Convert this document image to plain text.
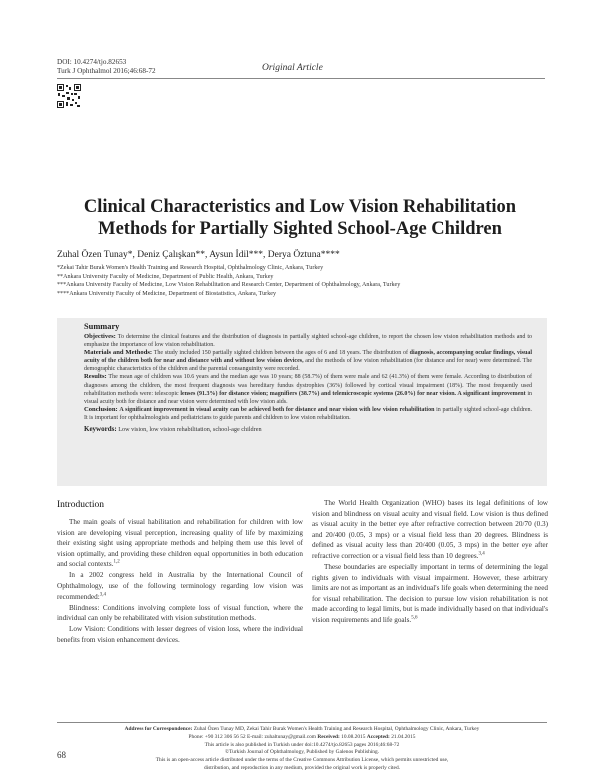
DOI: 10.4274/tjo.82653
Turk J Ophthalmol 2016;46:68-72	Original Article
Clinical Characteristics and Low Vision Rehabilitation Methods for Partially Sighted School-Age Children
Zuhal Özen Tunay*, Deniz Çalışkan**, Aysun İdil***, Derya Öztuna****
*Zekai Tahir Burak Women's Health Training and Research Hospital, Ophthalmology Clinic, Ankara, Turkey
**Ankara University Faculty of Medicine, Department of Public Health, Ankara, Turkey
***Ankara University Faculty of Medicine, Low Vision Rehabilitation and Research Center, Department of Ophthalmology, Ankara, Turkey
****Ankara University Faculty of Medicine, Department of Biostatistics, Ankara, Turkey
Summary

Objectives: To determine the clinical features and the distribution of diagnosis in partially sighted school-age children, to report the chosen low vision rehabilitation methods and to emphasize the importance of low vision rehabilitation.

Materials and Methods: The study included 150 partially sighted children between the ages of 6 and 18 years. The distribution of diagnosis, accompanying ocular findings, visual acuity of the children both for near and distance with and without low vision devices, and the methods of low vision rehabilitation (for distance and for near) were determined. The demographic characteristics of the children and the parental consanguinity were recorded.

Results: The mean age of children was 10.6 years and the median age was 10 years; 88 (58.7%) of them were male and 62 (41.3%) of them were female. According to distribution of diagnoses among the children, the most frequent diagnosis was hereditary fundus dystrophies (36%) followed by cortical visual impairment (18%). The most frequently used rehabilitation methods were: telescopic lenses (91.3%) for distance vision; magnifiers (38.7%) and telemicroscopic systems (26.0%) for near vision. A significant improvement in visual acuity both for distance and near vision were determined with low vision aids.

Conclusion: A significant improvement in visual acuity can be achieved both for distance and near vision with low vision rehabilitation in partially sighted school-age children. It is important for ophthalmologists and pediatricians to guide parents and children to low vision rehabilitation.

Keywords: Low vision, low vision rehabilitation, school-age children

Introduction

The main goals of visual habilitation and rehabilitation for children with low vision are developing visual perception, increasing quality of life by maximizing their existing sight using appropriate methods and helping them use this level of vision optimally, and providing these children equal opportunities in both education and social contexts.$^{1,2}$

In a 2002 congress held in Australia by the International Council of Ophthalmology, use of the following terminology regarding low vision was recommended:$^{3,4}$

Blindness: Conditions involving complete loss of visual function, where the individual can only be rehabilitated with vision substitution methods.

Low Vision: Conditions with lesser degrees of vision loss, where the individual benefits from vision enhancement devices.

The World Health Organization (WHO) bases its legal definitions of low vision and blindness on visual acuity and visual field. Low vision is thus defined as visual acuity in the better eye after refractive correction between 20/70 (0.3) and 20/400 (0.05, 3 mps) or a visual field less than 20 degrees. Blindness is defined as visual acuity less than 20/400 (0.05, 3 mps) in the better eye after refractive correction or a visual field less than 10 degrees.$^{3,4}$

These boundaries are especially important in terms of determining the legal rights given to individuals with visual impairment. However, these arbitrary limits are not as important as an individual's life goals when determining the need for visual rehabilitation. The decision to pursue low vision rehabilitation is not made according to legal limits, but is made individually based on that individual's vision requirements and life goals.$^{5,6}$

Address for Correspondence: Zuhal Özen Tunay MD, Zekai Tahir Burak Women's Health Training and Research Hospital, Ophthalmology Clinic, Ankara, Turkey
Phone: +90 312 306 56 52 E-mail: zuhaltunay@gmail.com Received: 10.08.2015 Accepted: 21.04.2015
This article is also published in Turkish under doi:10.4274/tjo.82653 pages 2016;46:68-72
©Turkish Journal of Ophthalmology, Published by Galenos Publishing.
This is an open-access article distributed under the terms of the Creative Commons Attribution License, which permits unrestricted use,
distribution, and reproduction in any medium, provided the original work is properly cited.
68
